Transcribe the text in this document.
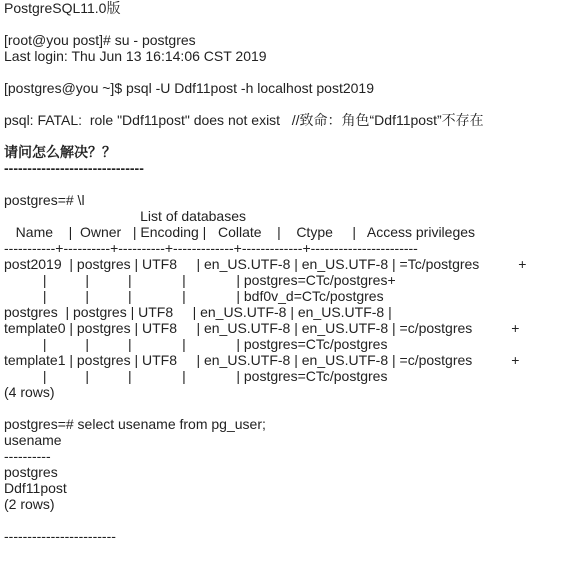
PostgreSQL11.0版
[root@you post]# su - postgres
Last login: Thu Jun 13 16:14:06 CST 2019
[postgres@you ~]$ psql -U Ddf11post -h localhost post2019
psql: FATAL:  role "Ddf11post" does not exist   //致命：角色“Ddf11post”不存在
请问怎么解决？？
------------------------------
postgres=# \l
List of databases
Name    |  Owner   | Encoding |   Collate    |    Ctype     |   Access privileges
-----------+----------+----------+-------------+-------------+-----------------------
post2019  | postgres | UTF8     | en_US.UTF-8 | en_US.UTF-8 | =Tc/postgres          +
|          |          |             |             | postgres=CTc/postgres+
|          |          |             |             | bdf0v_d=CTc/postgres
postgres  | postgres | UTF8     | en_US.UTF-8 | en_US.UTF-8 |
template0 | postgres | UTF8     | en_US.UTF-8 | en_US.UTF-8 | =c/postgres          +
|          |          |             |             | postgres=CTc/postgres
template1 | postgres | UTF8     | en_US.UTF-8 | en_US.UTF-8 | =c/postgres          +
|          |          |             |             | postgres=CTc/postgres
(4 rows)
postgres=# select usename from pg_user;
usename
----------
postgres
Ddf11post
(2 rows)
------------------------
